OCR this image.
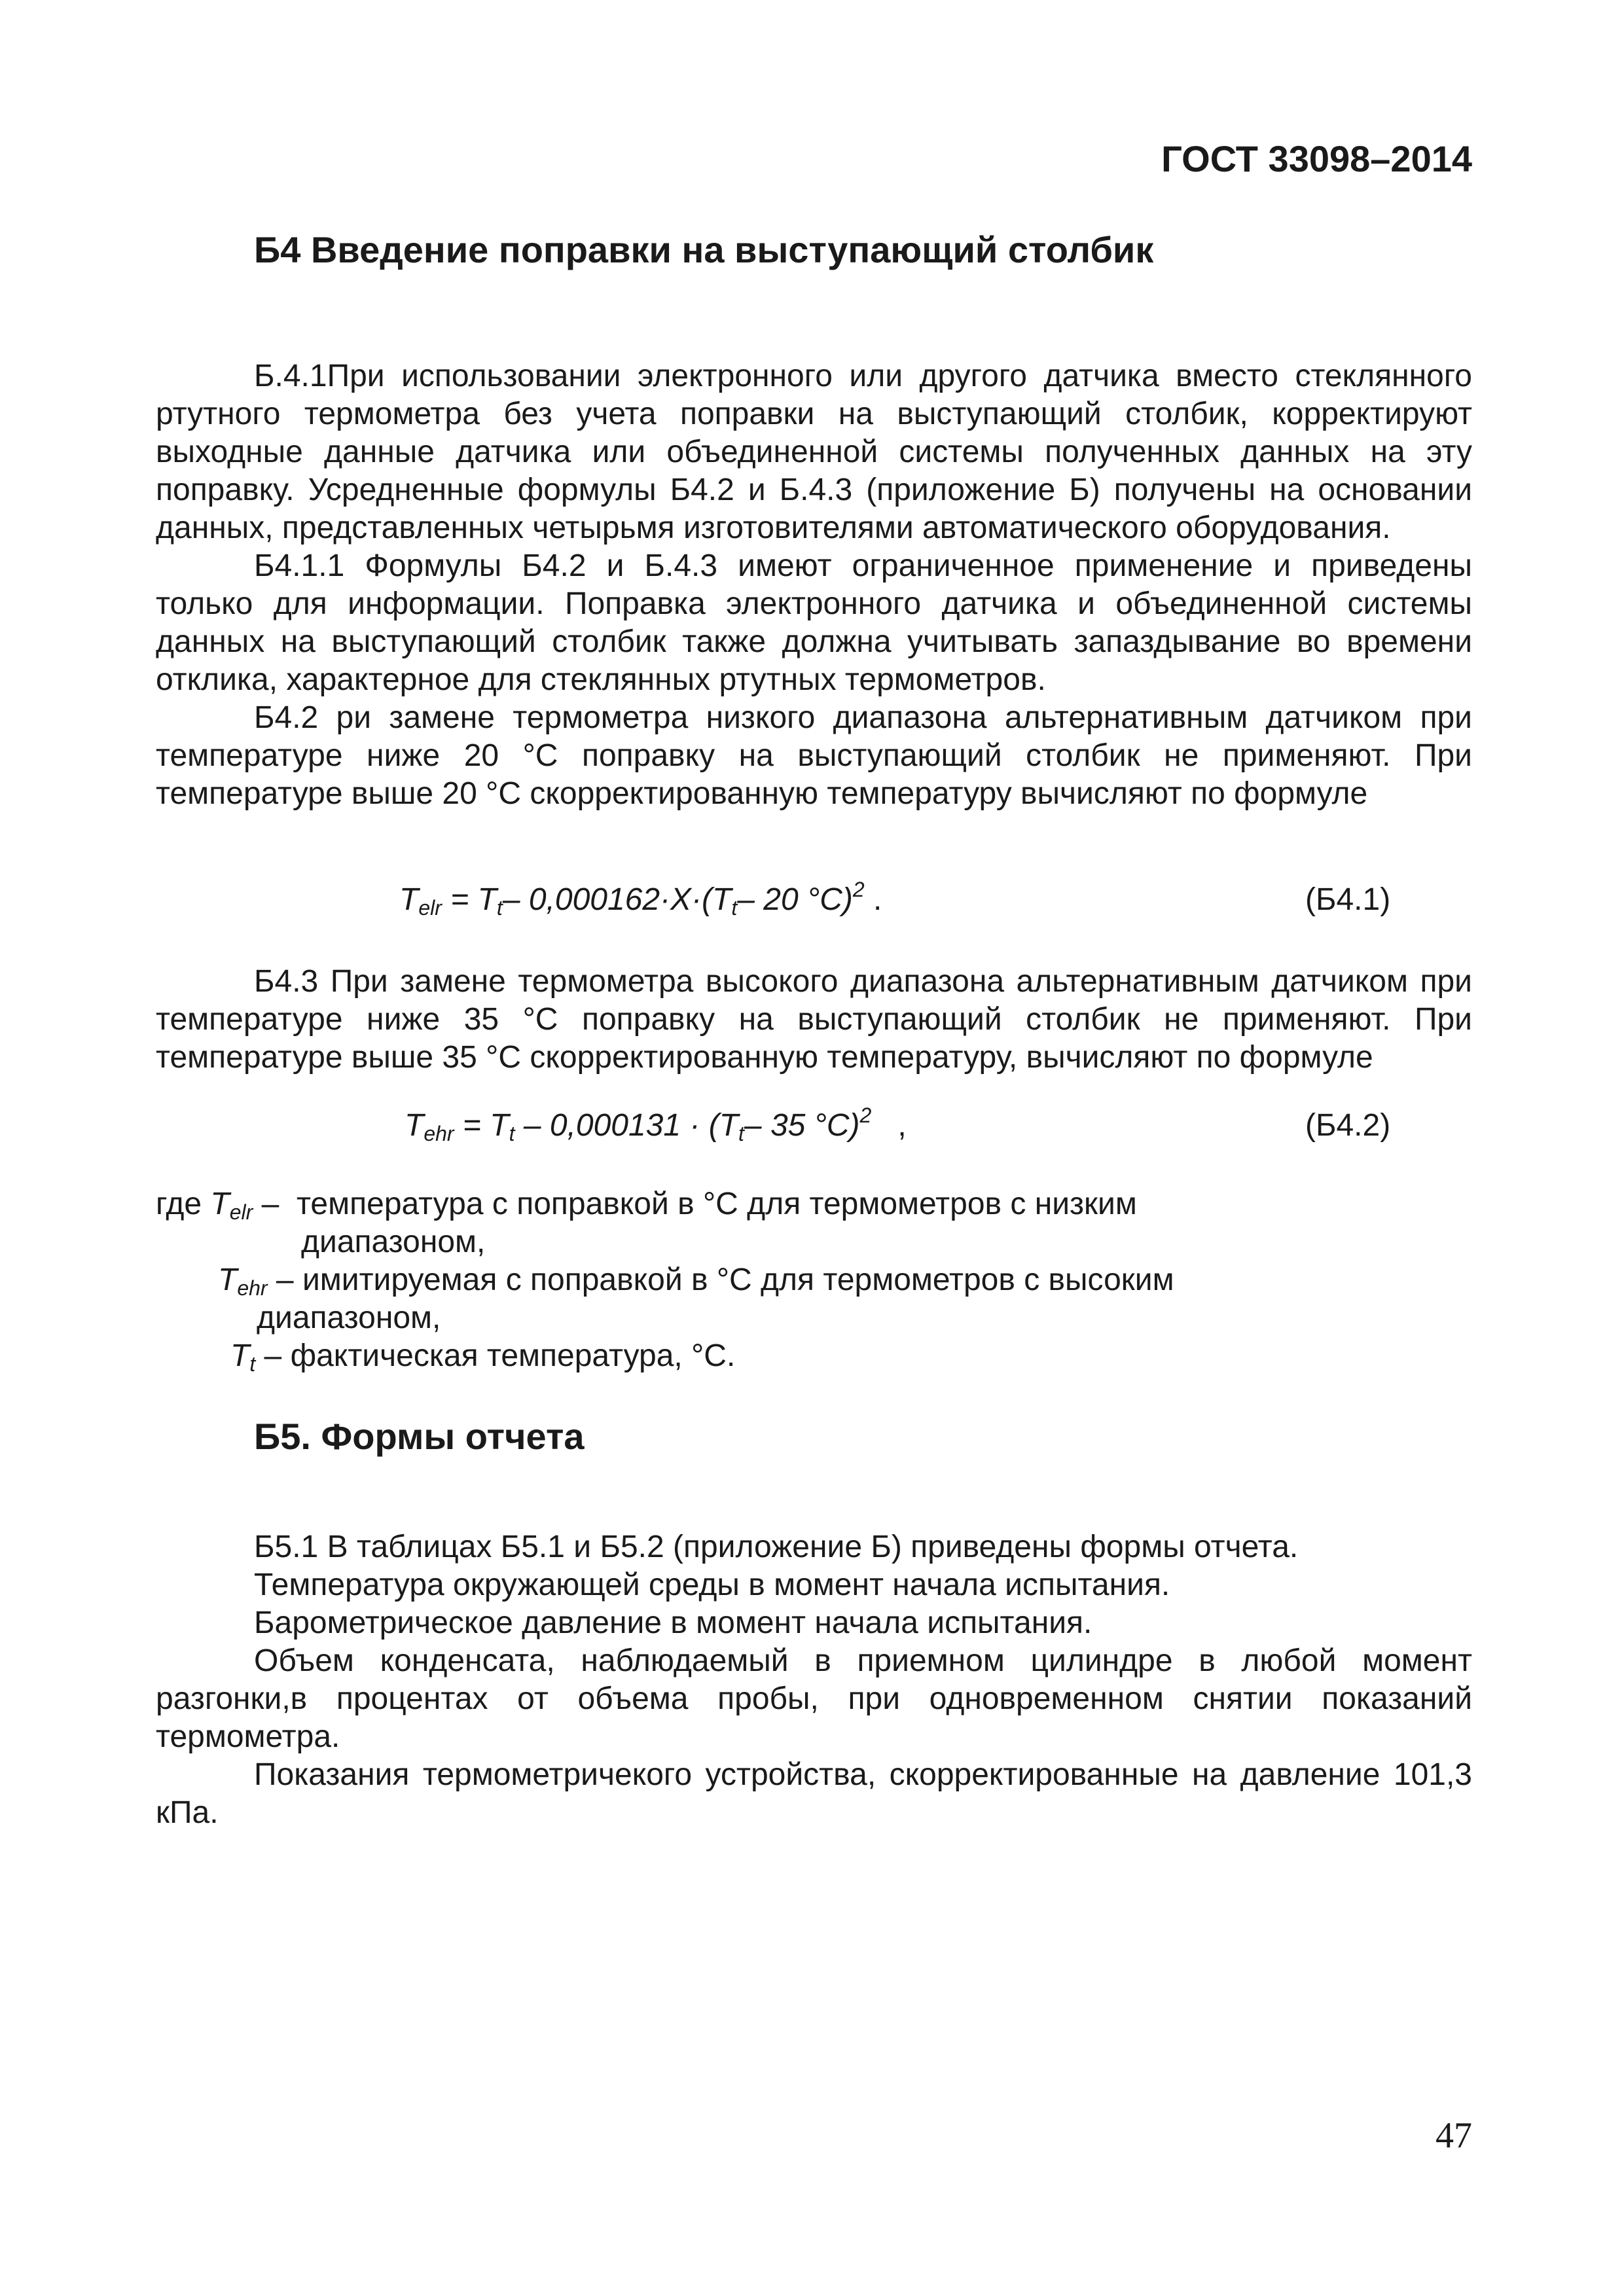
ГОСТ 33098–2014
Б4 Введение поправки на выступающий столбик

Б.4.1При использовании электронного или другого датчика вместо стеклянного ртутного термометра без учета поправки на выступающий столбик, корректируют выходные данные датчика или объединенной системы полученных данных на эту поправку. Усредненные формулы Б4.2 и Б.4.3 (приложение Б) получены на основании данных, представленных четырьмя изготовителями автоматического оборудования.

Б4.1.1 Формулы Б4.2 и Б.4.3 имеют ограниченное применение и приведены только для информации. Поправка электронного датчика и объединенной системы данных на выступающий столбик также должна учитывать запаздывание во времени отклика, характерное для стеклянных ртутных термометров.

Б4.2 ри замене термометра низкого диапазона альтернативным датчиком при температуре ниже 20 °С поправку на выступающий столбик не применяют. При температуре выше 20 °С скорректированную температуру вычисляют по формуле

$T_{elr} = T_t-$ $0,000162\cdot X\cdot(T_t-$ 20 °С)$^2$ .	(Б4.1)

Б4.3 При замене термометра высокого диапазона альтернативным датчиком при температуре ниже 35 °С поправку на выступающий столбик не применяют. При температуре выше 35 °С скорректированную температуру, вычисляют по формуле

$T_{ehr} = T_t - 0,000131 \cdot (T_t-$ 35 °С)$^2$   ,	(Б4.2)
где $T_{elr}$ –  температура с поправкой в °С для термометров с низким
диапазоном,
$T_{ehr}$ – имитируемая с поправкой в °С для термометров с высоким
диапазоном,
$T_t$ – фактическая температура, °С.
Б5. Формы отчета

Б5.1 В таблицах Б5.1 и Б5.2 (приложение Б) приведены формы отчета.

Температура окружающей среды в момент начала испытания.

Барометрическое давление в момент начала испытания.

Объем конденсата, наблюдаемый в приемном цилиндре в любой момент разгонки,в процентах от объема пробы, при одновременном снятии показаний термометра.

Показания термометричекого устройства, скорректированные на давление 101,3 кПа.

47
